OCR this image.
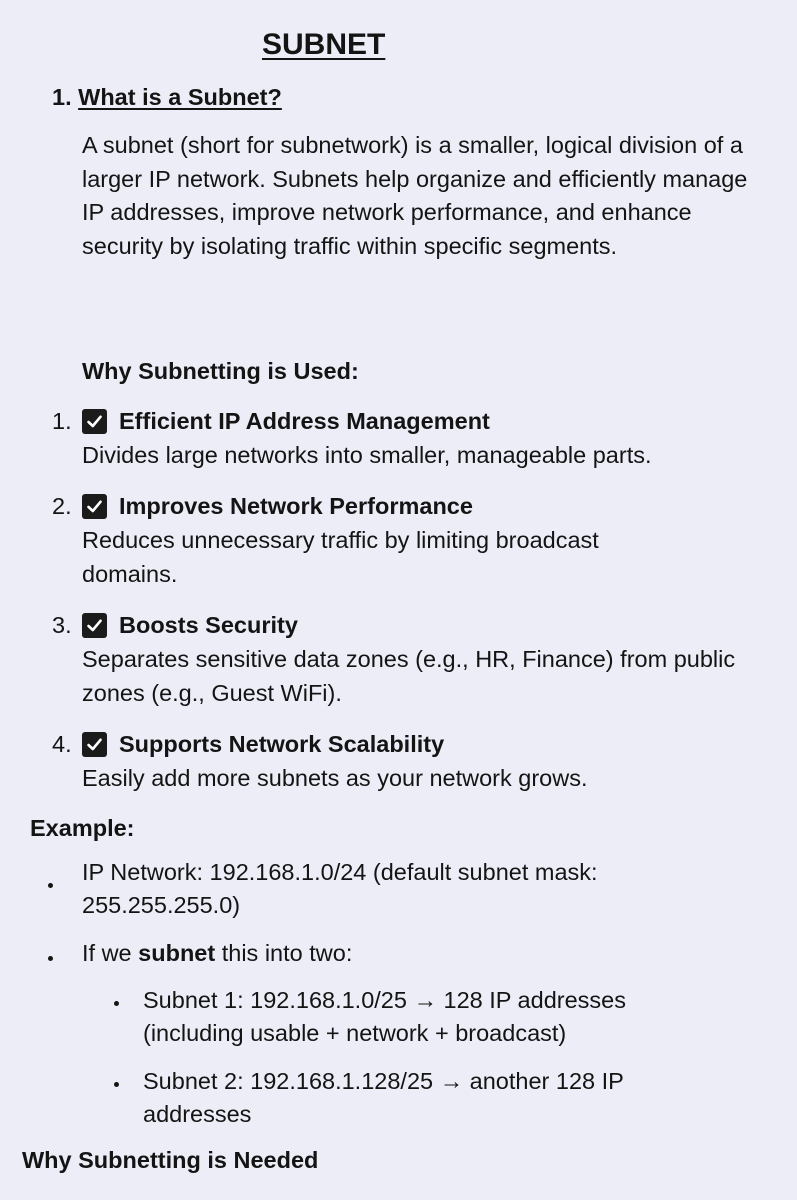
SUBNET
1. What is a Subnet?

A subnet (short for subnetwork) is a smaller, logical division of a larger IP network. Subnets help organize and efficiently manage IP addresses, improve network performance, and enhance security by isolating traffic within specific segments.

Why Subnetting is Used:
1.	Efficient IP Address Management
Divides large networks into smaller, manageable parts.
2.	Improves Network Performance
Reduces unnecessary traffic by limiting broadcast domains.
3.	Boosts Security
Separates sensitive data zones (e.g., HR, Finance) from public zones (e.g., Guest WiFi).
4.	Supports Network Scalability
Easily add more subnets as your network grows.
Example:
IP Network: 192.168.1.0/24 (default subnet mask: 255.255.255.0)
If we subnet this into two:
Subnet 1: 192.168.1.0/25 → 128 IP addresses (including usable + network + broadcast)
Subnet 2: 192.168.1.128/25 → another 128 IP addresses
Why Subnetting is Needed
